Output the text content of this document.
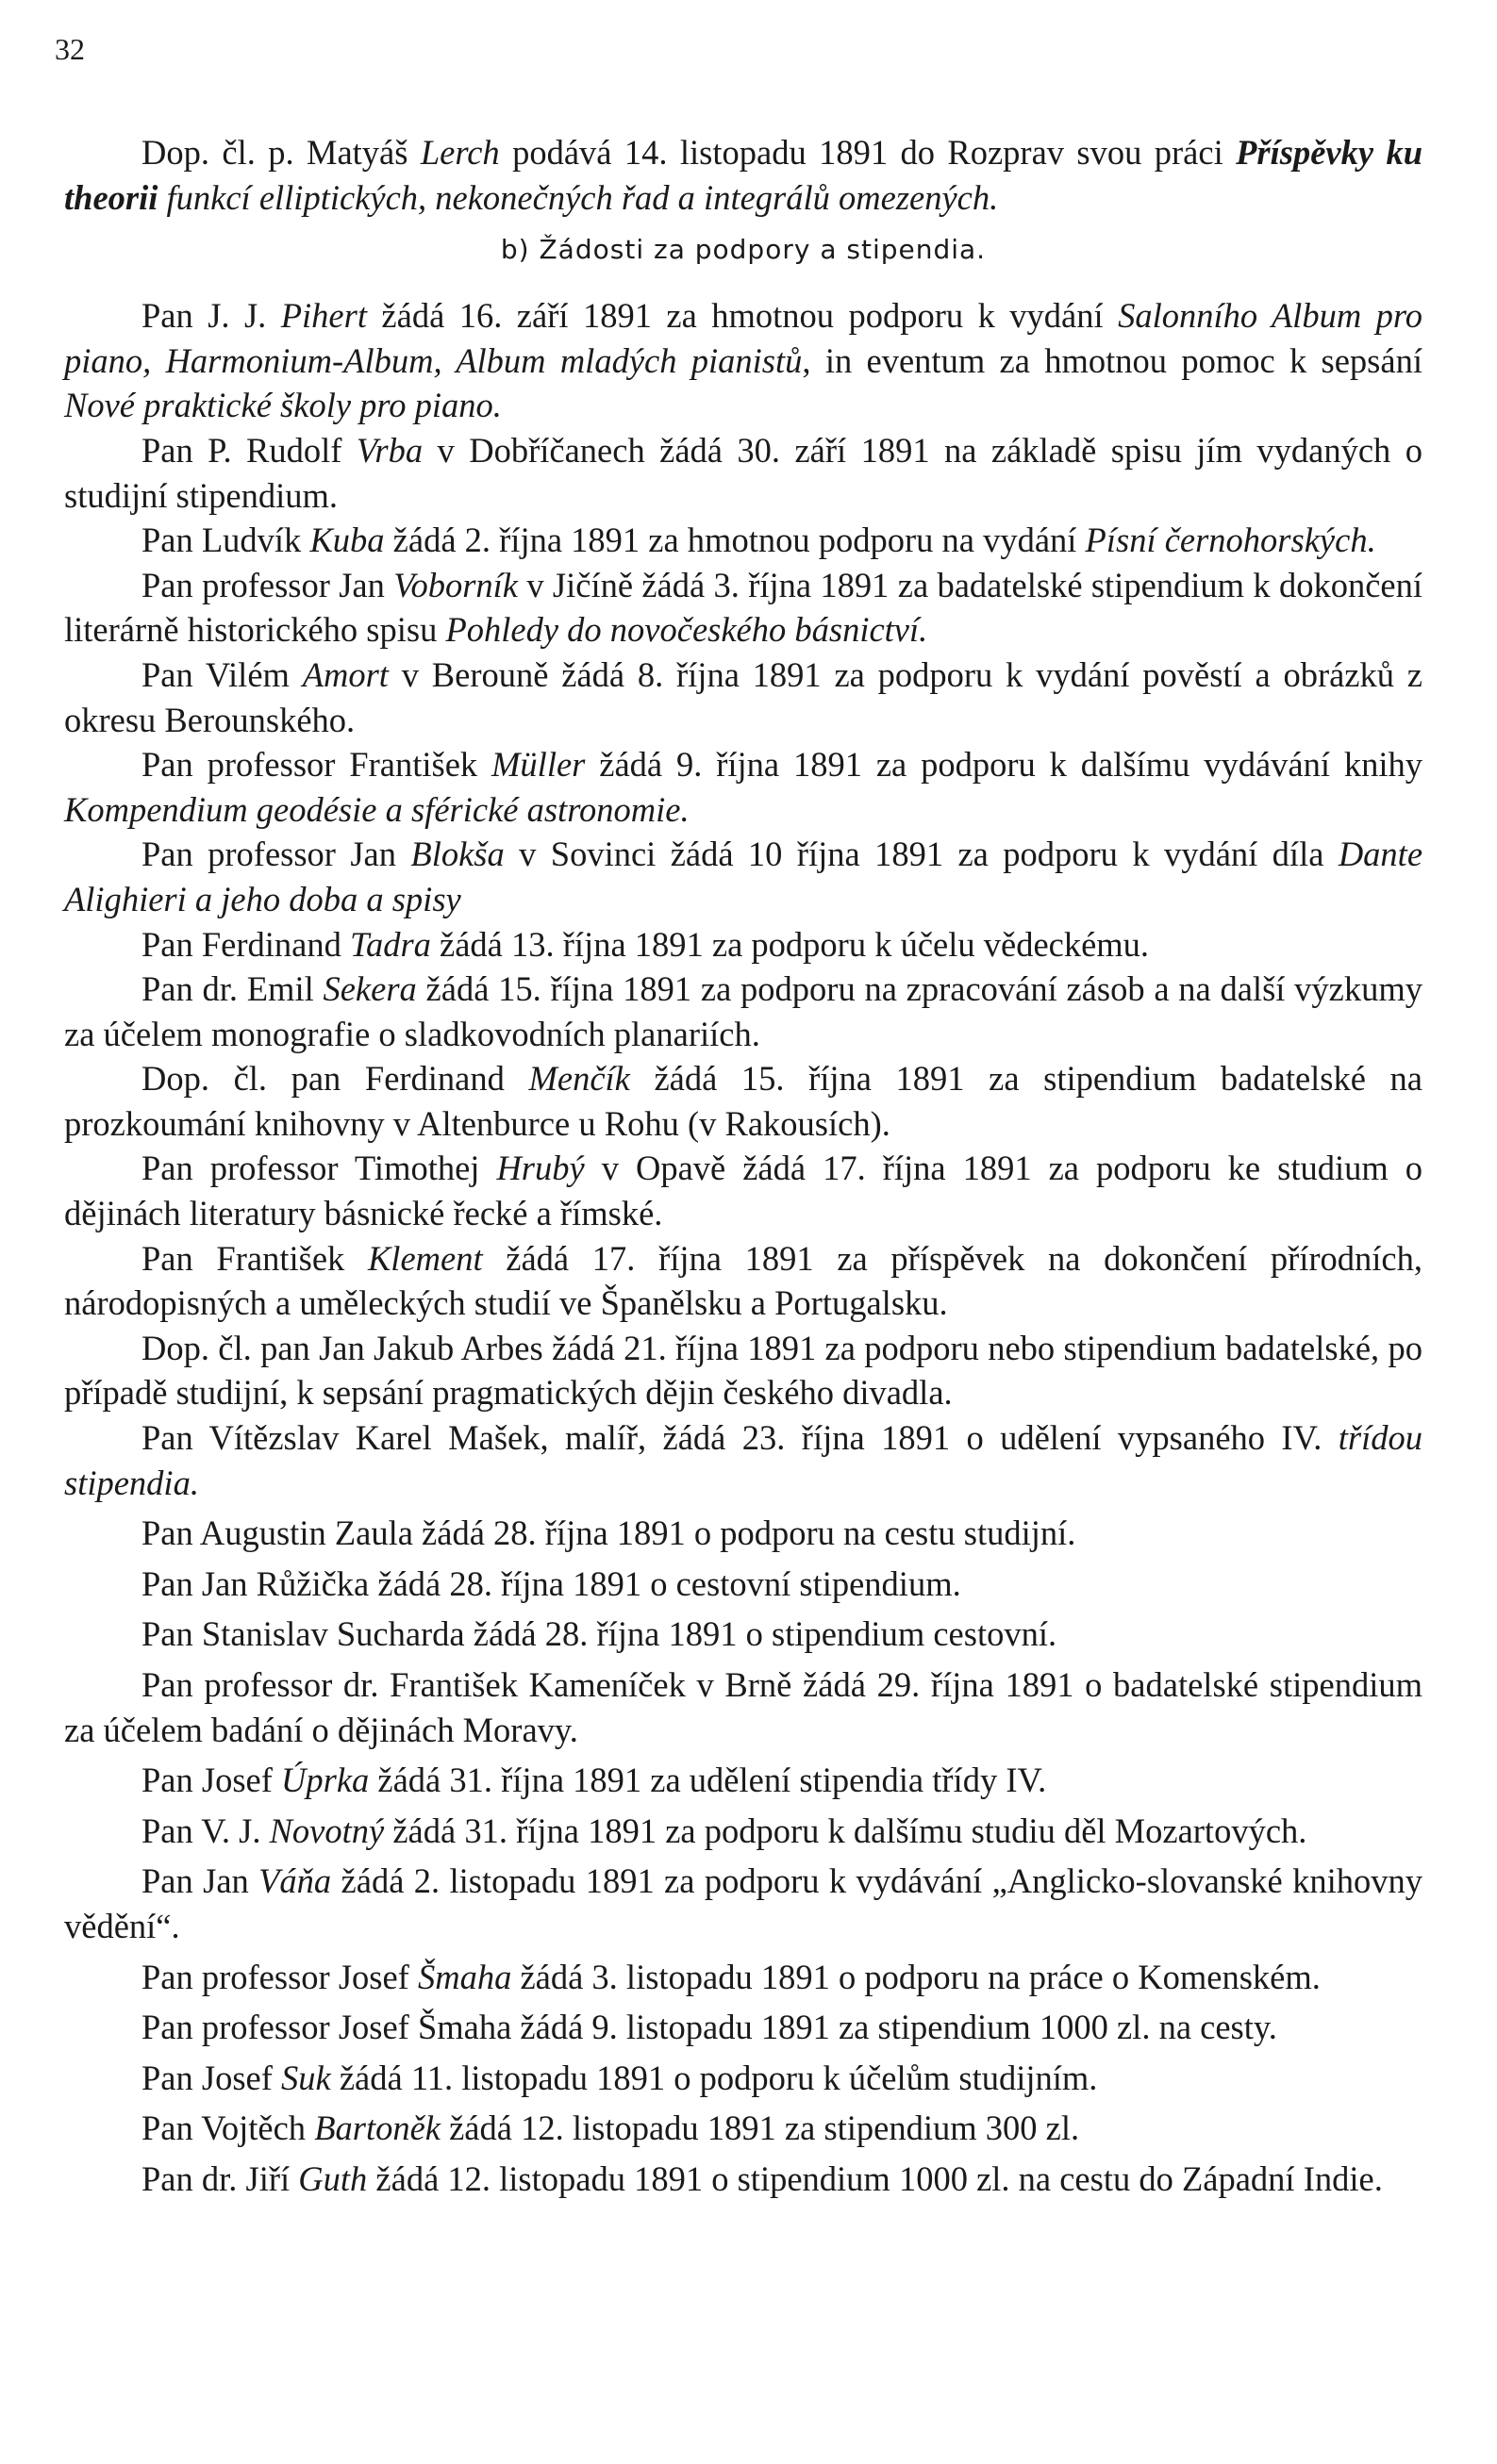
32

Dop. čl. p. Matyáš Lerch podává 14. listopadu 1891 do Rozprav svou práci Příspěvky ku theorii funkcí elliptických, nekonečných řad a integrálů omezených.

b) Žádosti za podpory a stipendia.

Pan J. J. Pihert žádá 16. září 1891 za hmotnou podporu k vydání Salonního Album pro piano, Harmonium-Album, Album mladých pianistů, in eventum za hmotnou pomoc k sepsání Nové praktické školy pro piano.

Pan P. Rudolf Vrba v Dobříčanech žádá 30. září 1891 na základě spisu jím vydaných o studijní stipendium.

Pan Ludvík Kuba žádá 2. října 1891 za hmotnou podporu na vydání Písní černohorských.

Pan professor Jan Voborník v Jičíně žádá 3. října 1891 za badatelské stipendium k dokončení literárně historického spisu Pohledy do novočeského básnictví.

Pan Vilém Amort v Berouně žádá 8. října 1891 za podporu k vydání pověstí a obrázků z okresu Berounského.

Pan professor František Müller žádá 9. října 1891 za podporu k dalšímu vydávání knihy Kompendium geodésie a sférické astronomie.

Pan professor Jan Blokša v Sovinci žádá 10 října 1891 za podporu k vydání díla Dante Alighieri a jeho doba a spisy

Pan Ferdinand Tadra žádá 13. října 1891 za podporu k účelu vědeckému.

Pan dr. Emil Sekera žádá 15. října 1891 za podporu na zpracování zásob a na další výzkumy za účelem monografie o sladkovodních planariích.

Dop. čl. pan Ferdinand Menčík žádá 15. října 1891 za stipendium badatelské na prozkoumání knihovny v Altenburce u Rohu (v Rakousích).

Pan professor Timothej Hrubý v Opavě žádá 17. října 1891 za podporu ke studium o dějinách literatury básnické řecké a římské.

Pan František Klement žádá 17. října 1891 za příspěvek na dokončení přírodních, národopisných a uměleckých studií ve Španělsku a Portugalsku.

Dop. čl. pan Jan Jakub Arbes žádá 21. října 1891 za podporu nebo stipendium badatelské, po případě studijní, k sepsání pragmatických dějin českého divadla.

Pan Vítězslav Karel Mašek, malíř, žádá 23. října 1891 o udělení vypsaného IV. třídou stipendia.

Pan Augustin Zaula žádá 28. října 1891 o podporu na cestu studijní.

Pan Jan Růžička žádá 28. října 1891 o cestovní stipendium.

Pan Stanislav Sucharda žádá 28. října 1891 o stipendium cestovní.

Pan professor dr. František Kameníček v Brně žádá 29. října 1891 o badatelské stipendium za účelem badání o dějinách Moravy.

Pan Josef Úprka žádá 31. října 1891 za udělení stipendia třídy IV.

Pan V. J. Novotný žádá 31. října 1891 za podporu k dalšímu studiu děl Mozartových.

Pan Jan Váňa žádá 2. listopadu 1891 za podporu k vydávání „Anglicko-slovanské knihovny vědění“.

Pan professor Josef Šmaha žádá 3. listopadu 1891 o podporu na práce o Komenském.

Pan professor Josef Šmaha žádá 9. listopadu 1891 za stipendium 1000 zl. na cesty.

Pan Josef Suk žádá 11. listopadu 1891 o podporu k účelům studijním.

Pan Vojtěch Bartoněk žádá 12. listopadu 1891 za stipendium 300 zl.

Pan dr. Jiří Guth žádá 12. listopadu 1891 o stipendium 1000 zl. na cestu do Západní Indie.
